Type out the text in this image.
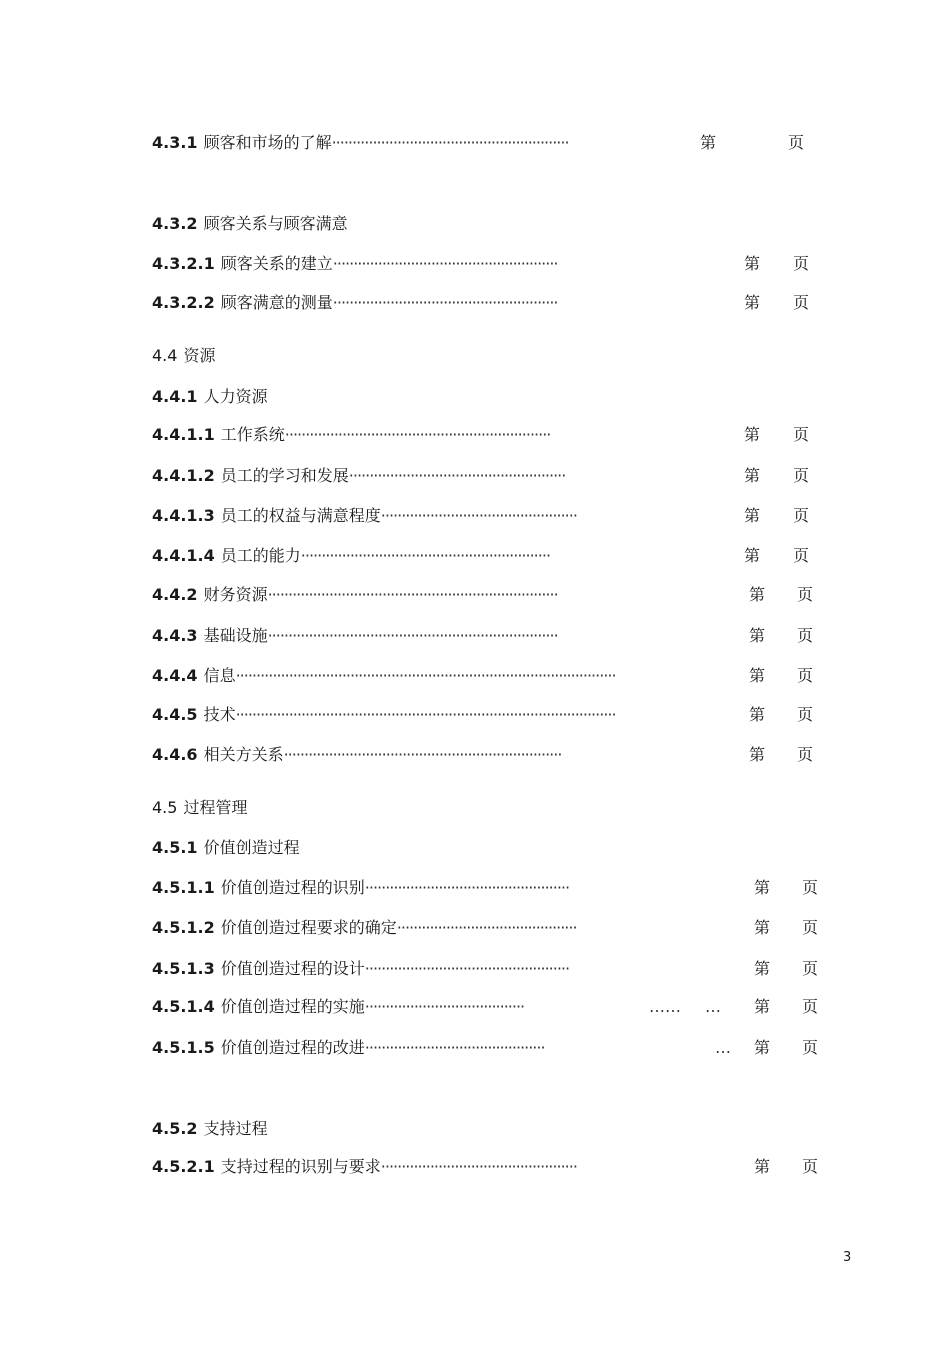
4.3.1 顾客和市场的了解··························································	第	页
4.3.2 顾客关系与顾客满意
4.3.2.1 顾客关系的建立·······················································	第 页
4.3.2.2 顾客满意的测量·······················································	第 页
4.4 资源
4.4.1 人力资源
4.4.1.1 工作系统·································································	第 页
4.4.1.2 员工的学习和发展·····················································	第 页
4.4.1.3 员工的权益与满意程度················································	第 页
4.4.1.4 员工的能力·····························································	第 页
4.4.2 财务资源·······································································	第 页
4.4.3 基础设施·······································································	第 页
4.4.4 信息·····························································································	第 页
4.4.5 技术·····························································································	第 页
4.4.6 相关方关系····································································	第 页
4.5 过程管理
4.5.1 价值创造过程
4.5.1.1 价值创造过程的识别··················································	第 页
4.5.1.2 价值创造过程要求的确定············································	第 页
4.5.1.3 价值创造过程的设计··················································	第 页
4.5.1.4 价值创造过程的实施·······································	…… … 第 页
4.5.1.5 价值创造过程的改进············································	… 第 页
4.5.2 支持过程
4.5.2.1 支持过程的识别与要求················································	第 页
3
